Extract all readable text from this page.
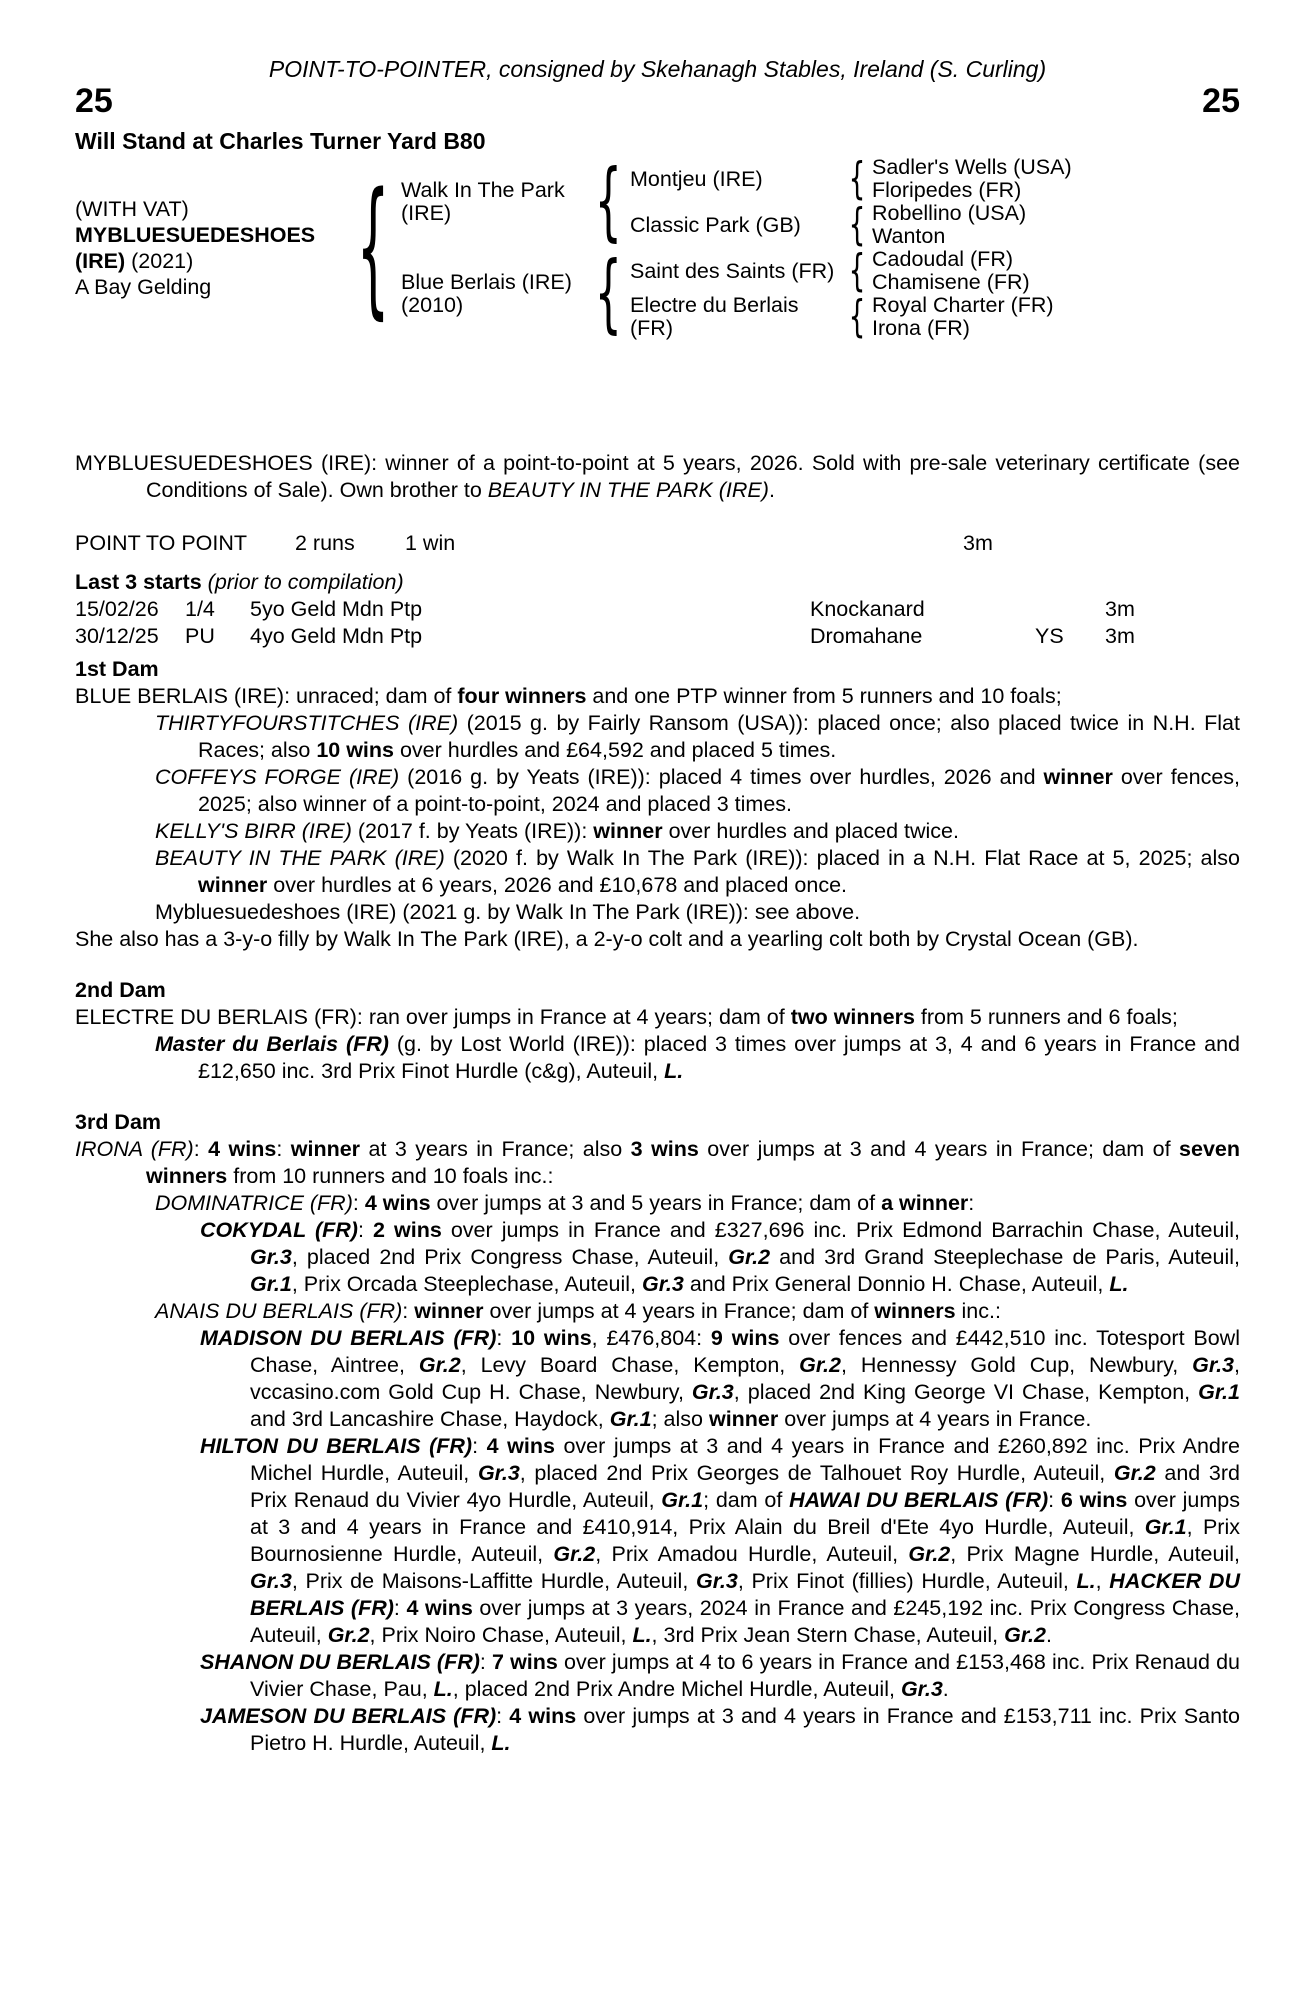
POINT-TO-POINTER, consigned by Skehanagh Stables, Ireland (S. Curling)
25	25
Will Stand at Charles Turner Yard B80
(WITH VAT)
MYBLUESUEDESHOES (IRE) (2021)
A Bay Gelding { Walk In The Park (IRE)
Blue Berlais (IRE) (2010)
{
{
Montjeu (IRE)
Classic Park (GB)
Saint des Saints (FR)
Electre du Berlais (FR)
{
{
{
{
Sadler's Wells (USA)
Floripedes (FR)
Robellino (USA)
Wanton
Cadoudal (FR)
Chamisene (FR)
Royal Charter (FR)
Irona (FR)
MYBLUESUEDESHOES (IRE): winner of a point-to-point at 5 years, 2026. Sold with pre-sale veterinary certificate (see Conditions of Sale). Own brother to BEAUTY IN THE PARK (IRE).
POINT TO POINT 2 runs 1 win	3m
Last 3 starts (prior to compilation)
15/02/26 1/4 5yo Geld Mdn Ptp	Knockanard	3m
30/12/25 PU 4yo Geld Mdn Ptp	Dromahane	YS 3m
1st Dam
BLUE BERLAIS (IRE): unraced; dam of four winners and one PTP winner from 5 runners and 10 foals;
THIRTYFOURSTITCHES (IRE) (2015 g. by Fairly Ransom (USA)): placed once; also placed twice in N.H. Flat Races; also 10 wins over hurdles and £64,592 and placed 5 times.
COFFEYS FORGE (IRE) (2016 g. by Yeats (IRE)): placed 4 times over hurdles, 2026 and winner over fences, 2025; also winner of a point-to-point, 2024 and placed 3 times.
KELLY'S BIRR (IRE) (2017 f. by Yeats (IRE)): winner over hurdles and placed twice.
BEAUTY IN THE PARK (IRE) (2020 f. by Walk In The Park (IRE)): placed in a N.H. Flat Race at 5, 2025; also winner over hurdles at 6 years, 2026 and £10,678 and placed once.
Mybluesuedeshoes (IRE) (2021 g. by Walk In The Park (IRE)): see above.
She also has a 3-y-o filly by Walk In The Park (IRE), a 2-y-o colt and a yearling colt both by Crystal Ocean (GB).
2nd Dam
ELECTRE DU BERLAIS (FR): ran over jumps in France at 4 years; dam of two winners from 5 runners and 6 foals;
Master du Berlais (FR) (g. by Lost World (IRE)): placed 3 times over jumps at 3, 4 and 6 years in France and £12,650 inc. 3rd Prix Finot Hurdle (c&g), Auteuil, L.
3rd Dam
IRONA (FR): 4 wins: winner at 3 years in France; also 3 wins over jumps at 3 and 4 years in France; dam of seven winners from 10 runners and 10 foals inc.:
DOMINATRICE (FR): 4 wins over jumps at 3 and 5 years in France; dam of a winner:
COKYDAL (FR): 2 wins over jumps in France and £327,696 inc. Prix Edmond Barrachin Chase, Auteuil, Gr.3, placed 2nd Prix Congress Chase, Auteuil, Gr.2 and 3rd Grand Steeplechase de Paris, Auteuil, Gr.1, Prix Orcada Steeplechase, Auteuil, Gr.3 and Prix General Donnio H. Chase, Auteuil, L.
ANAIS DU BERLAIS (FR): winner over jumps at 4 years in France; dam of winners inc.:
MADISON DU BERLAIS (FR): 10 wins, £476,804: 9 wins over fences and £442,510 inc. Totesport Bowl Chase, Aintree, Gr.2, Levy Board Chase, Kempton, Gr.2, Hennessy Gold Cup, Newbury, Gr.3, vccasino.com Gold Cup H. Chase, Newbury, Gr.3, placed 2nd King George VI Chase, Kempton, Gr.1 and 3rd Lancashire Chase, Haydock, Gr.1; also winner over jumps at 4 years in France.
HILTON DU BERLAIS (FR): 4 wins over jumps at 3 and 4 years in France and £260,892 inc. Prix Andre Michel Hurdle, Auteuil, Gr.3, placed 2nd Prix Georges de Talhouet Roy Hurdle, Auteuil, Gr.2 and 3rd Prix Renaud du Vivier 4yo Hurdle, Auteuil, Gr.1; dam of HAWAI DU BERLAIS (FR): 6 wins over jumps at 3 and 4 years in France and £410,914, Prix Alain du Breil d'Ete 4yo Hurdle, Auteuil, Gr.1, Prix Bournosienne Hurdle, Auteuil, Gr.2, Prix Amadou Hurdle, Auteuil, Gr.2, Prix Magne Hurdle, Auteuil, Gr.3, Prix de Maisons-Laffitte Hurdle, Auteuil, Gr.3, Prix Finot (fillies) Hurdle, Auteuil, L., HACKER DU BERLAIS (FR): 4 wins over jumps at 3 years, 2024 in France and £245,192 inc. Prix Congress Chase, Auteuil, Gr.2, Prix Noiro Chase, Auteuil, L., 3rd Prix Jean Stern Chase, Auteuil, Gr.2.
SHANON DU BERLAIS (FR): 7 wins over jumps at 4 to 6 years in France and £153,468 inc. Prix Renaud du Vivier Chase, Pau, L., placed 2nd Prix Andre Michel Hurdle, Auteuil, Gr.3.
JAMESON DU BERLAIS (FR): 4 wins over jumps at 3 and 4 years in France and £153,711 inc. Prix Santo Pietro H. Hurdle, Auteuil, L.
